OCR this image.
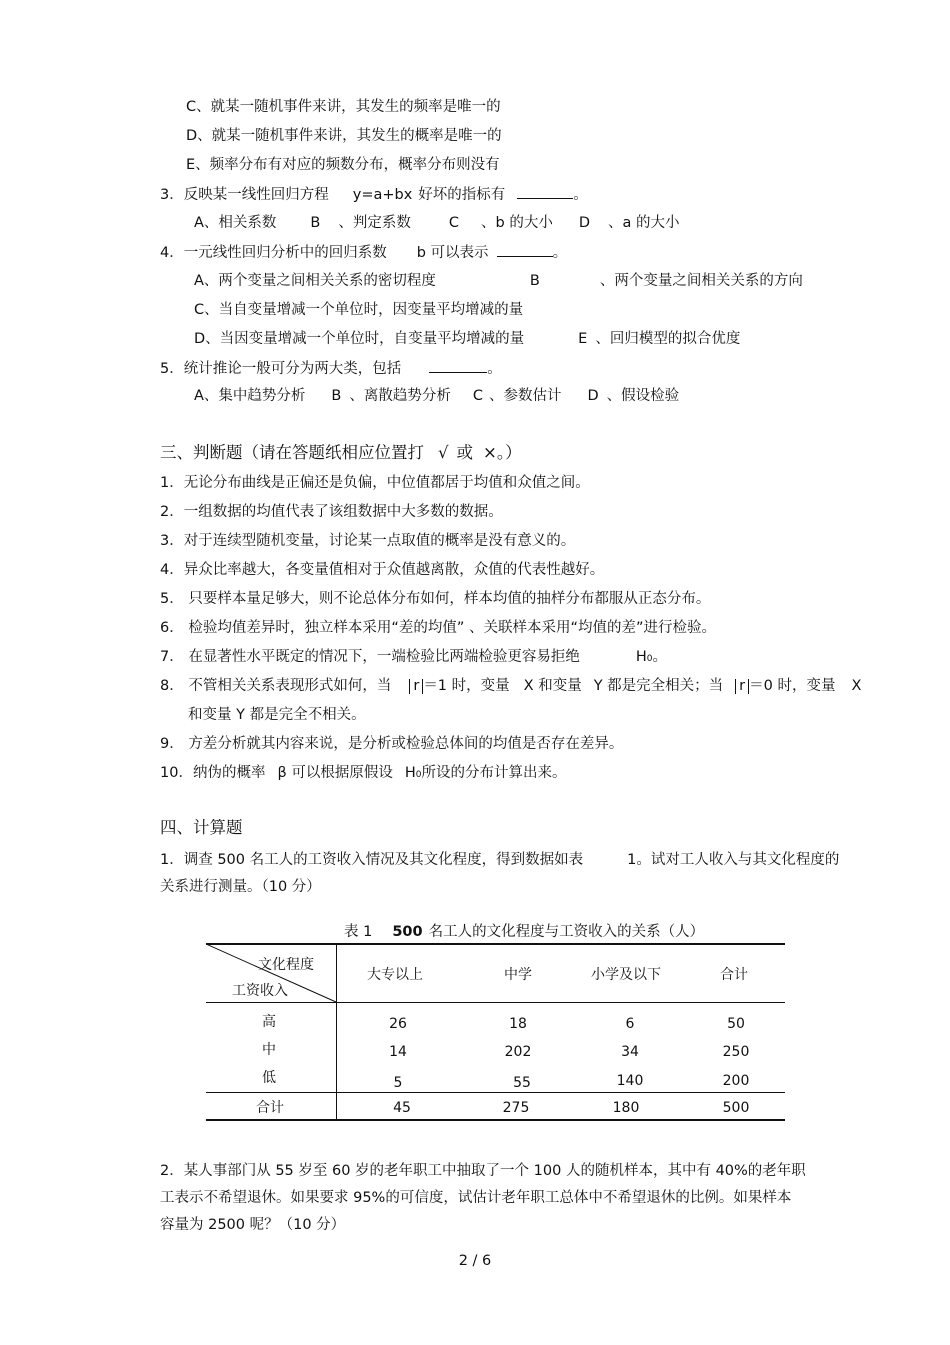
C、就某一随机事件来讲，其发生的频率是唯一的
D、就某一随机事件来讲，其发生的概率是唯一的
E、频率分布有对应的频数分布，概率分布则没有
3．反映某一线性回归方程 y=a+bx 好坏的指标有	。
A、相关系数 B 、判定系数	C 、b 的大小 D 、a 的大小
4．一元线性回归分析中的回归系数 b 可以表示	。
A、两个变量之间相关关系的密切程度	B	、两个变量之间相关关系的方向
C、当自变量增减一个单位时，因变量平均增减的量
D、当因变量增减一个单位时，自变量平均增减的量	E 、回归模型的拟合优度
5．统计推论一般可分为两大类，包括	。
A、集中趋势分析 B 、离散趋势分析 C 、参数估计 D 、假设检验
三、判断题（请在答题纸相应位置打 √ 或 ×。）
1．无论分布曲线是正偏还是负偏，中位值都居于均值和众值之间。
2．一组数据的均值代表了该组数据中大多数的数据。
3．对于连续型随机变量，讨论某一点取值的概率是没有意义的。
4．异众比率越大，各变量值相对于众值越离散，众值的代表性越好。
5． 只要样本量足够大，则不论总体分布如何，样本均值的抽样分布都服从正态分布。
6． 检验均值差异时，独立样本采用“差的均值” 、关联样本采用“均值的差”进行检验。
7． 在显著性水平既定的情况下，一端检验比两端检验更容易拒绝	H0。
8． 不管相关关系表现形式如何，当 r ＝1 时，变量 X 和变量 Y 都是完全相关；当 r ＝0 时，变量 X
和变量 Y 都是完全不相关。
9． 方差分析就其内容来说，是分析或检验总体间的均值是否存在差异。
10．纳伪的概率 β 可以根据原假设 H0所设的分布计算出来。
四、计算题
1．调查 500 名工人的工资收入情况及其文化程度，得到数据如表	1。试对工人收入与其文化程度的
关系进行测量。（10 分）
表 1 500 名工人的文化程度与工资收入的关系（人）
文化程度
工资收入
大专以上	中学	小学及以下	合计
高	26	18	6	50
中	14	202	34	250
低	5	55	140	200
合计	45	275	180	500
2．某人事部门从 55 岁至 60 岁的老年职工中抽取了一个 100 人的随机样本，其中有 40%的老年职
工表示不希望退休。如果要求 95%的可信度，试估计老年职工总体中不希望退休的比例。如果样本
容量为 2500 呢？（10 分）
2 / 6
